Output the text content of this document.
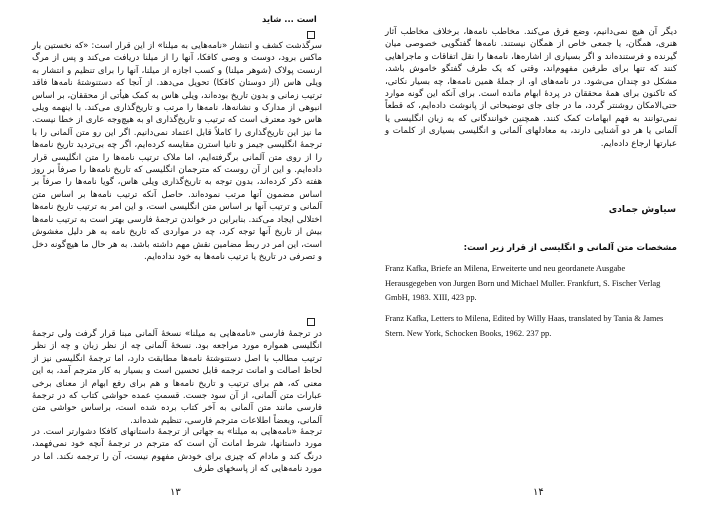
است ... شاید

سرگذشت کشف و انتشار «نامه‌هایی به میلنا» از این قرار است: «که نخستین بار ماکس برود، دوست و وصی کافکا، آنها را از میلنا دریافت می‌کند و پس از مرگ ارنست پولاک (شوهر میلنا) و کسب اجازه از میلنا، آنها را برای تنظیم و انتشار به ویلی هاس (از دوستان کافکا) تحویل می‌دهد. از آنجا که دستنوشتهٔ نامه‌ها فاقد ترتیب زمانی و بدون تاریخ بوده‌اند، ویلی هاس به کمک هیأتی از محققان، بر اساس انبوهی از مدارک و نشانه‌ها، نامه‌ها را مرتب و تاریخ‌گذاری می‌کند. با اینهمه ویلی هاس خود معترف است که ترتیب و تاریخ‌گذاری او به هیچ‌وجه عاری از خطا نیست. ما نیز این تاریخ‌گذاری را کاملاً قابل اعتماد نمی‌دانیم. اگر این رو متن آلمانی را با ترجمهٔ انگلیسی جیمز و تانیا استرن مقایسه کرده‌ایم، اگر چه بی‌تردید تاریخ نامه‌ها را از روی متن آلمانی برگرفته‌ایم، اما ملاک ترتیب نامه‌ها را متن انگلیسی قرار داده‌ایم. و این از آن روست که مترجمان انگلیسی که تاریخ نامه‌ها را صرفاً بر روز هفته ذکر کرده‌اند، بدون توجه به تاریخ‌گذاری ویلی هاس، گویا نامه‌ها را صرفاً بر اساس مضمون آنها مرتب نموده‌اند. حاصل آنکه ترتیب نامه‌ها بر اساس متن آلمانی و ترتیب آنها بر اساس متن انگلیسی است، و این امر به ترتیب تاریخ نامه‌ها اختلالی ایجاد می‌کند. بنابراین در خواندن ترجمهٔ فارسی بهتر است به ترتیب نامه‌ها بیش از تاریخ آنها توجه کرد، چه در مواردی که تاریخ نامه به هر دلیل مغشوش است، این امر در ربط مضامین نقش مهم داشته باشد. به هر حال ما هیچ‌گونه دخل و تصرفی در تاریخ یا ترتیب نامه‌ها به خود نداده‌ایم.

در ترجمهٔ فارسی «نامه‌هایی به میلنا» نسخهٔ آلمانی مبنا قرار گرفت ولی ترجمهٔ انگلیسی همواره مورد مراجعه بود. نسخهٔ آلمانی چه از نظر زبان و چه از نظر ترتیب مطالب با اصل دستنوشتهٔ نامه‌ها مطابقت دارد، اما ترجمهٔ انگلیسی نیز از لحاظ اصالت و امانت ترجمه قابل تحسین است و بسیار به کار مترجم آمد، به این معنی که، هم برای ترتیب و تاریخ نامه‌ها و هم برای رفع ابهام از معنای برخی عبارات متن آلمانی، از آن سود جست. قسمتِ عمده حواشی کتاب که در ترجمهٔ فارسی مانند متن آلمانی به آخر کتاب برده شده است، براساس حواشی متن آلمانی، وبعضاً اطلاعات مترجم فارسی، تنظیم شده‌اند.

ترجمهٔ «نامه‌هایی به میلنا» به جهاتی از ترجمهٔ داستانهای کافکا دشوارتر است. در مورد داستانها، شرط امانت آن است که مترجم در ترجمهٔ آنچه خود نمی‌فهمد، درنگ کند و مادام که چیزی برای خودش مفهوم نیست، آن را ترجمه نکند. اما در مورد نامه‌هایی که از پاسخهای طرف

۱۳

دیگر آن هیچ نمی‌دانیم، وضع فرق می‌کند. مخاطب نامه‌ها، برخلاف مخاطب آثار هنری، همگان، یا جمعی خاص از همگان نیستند. نامه‌ها گفتگویی خصوصی میان گیرنده و فرستنده‌اند و اگر بسیاری از اشاره‌ها، نامه‌ها را نقل اتفاقات و ماجراهایی کنند که تنها برای طرفین مفهوم‌اند، وقتی که یک طرف گفتگو خاموش باشد، مشکل دو چندان می‌شود. در نامه‌های او، از جملهٔ همین نامه‌ها، چه بسیار نکاتی، که تاکنون برای همهٔ محققان در پردهٔ ابهام مانده است. برای آنکه این گونه موارد حتی‌الامکان روشنتر گردد، ما در جای جای توضیحاتی از پانوشت داده‌ایم، که قطعاً نمی‌توانند به فهم ابهامات کمک کنند. همچنین خوانندگانی که به زبان انگلیسی یا آلمانی یا هر دو آشنایی دارند، به معادلهای آلمانی و انگلیسی بسیاری از کلمات و عبارتها ارجاع داده‌ایم.

سیاوش جمادی
مشخصات متن آلمانی و انگلیسی از قرار زیر است:
Franz Kafka, Briefe an Milena, Erweiterte und neu geordanete Ausgabe Herausgegeben von Jurgen Born und Michael Muller. Frankfurt, S. Fischer Verlag GmbH, 1983. XIII, 423 pp.
Franz Kafka, Letters to Milena, Edited by Willy Haas, translated by Tania & James Stern. New York, Schocken Books, 1962. 237 pp.
۱۴
